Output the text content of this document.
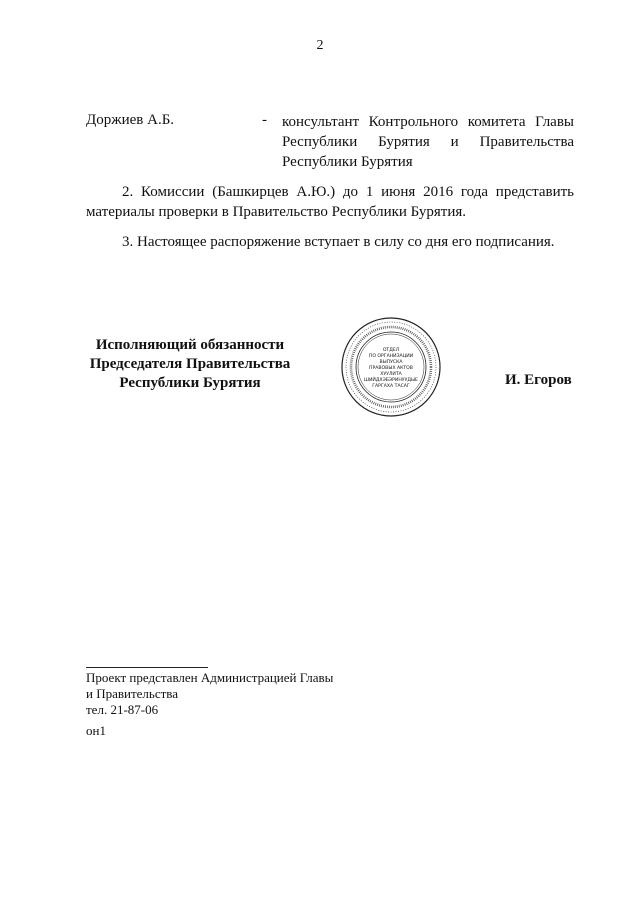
2
Доржиев А.Б.	- консультант Контрольного комитета Главы Республики Бурятия и Правительства Республики Бурятия
2. Комиссии (Башкирцев А.Ю.) до 1 июня 2016 года представить материалы проверки в Правительство Республики Бурятия.
3. Настоящее распоряжение вступает в силу со дня его подписания.
Исполняющий обязанности
Председателя Правительства
Республики Бурятия
ОТДЕЛ
ПО ОРГАНИЗАЦИИ
ВЫПУСКА
ПРАВОВЫХ АКТОВ
ХУУЛИТА
ШИЙДХЭБЭРИНУУДЫЕ
ГАРГАХА ТАСАГ	И. Егоров
Проект представлен Администрацией Главы
и Правительства
тел. 21-87-06
он1
